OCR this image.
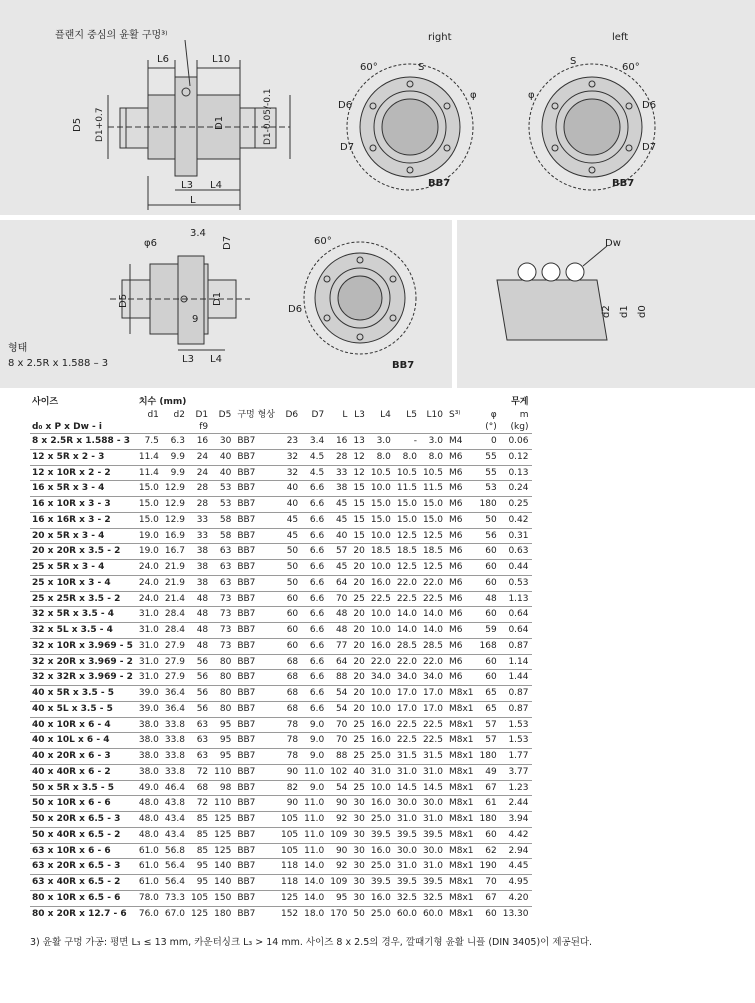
플랜지 중심의 윤활 구멍³⁾
L6	L10
D5 D1+0.7	D1	D1-0.05/-0.1
L3 L4
L
right
60°	S
φ
D6
D7
BB7
left
60°
S
φ
D6
D7
BB7
φ6
3.4
D7
D5	D1
9
L3 L4
형태
8 x 2.5R x 1.588 – 3
60°
D6
BB7
Dw
d2 d1 d0
사이즈	치수 (mm)														무게
	d1	d2	D1	D5	구멍 형상	D6	D7	L	L3	L4	L5	L10	S³⁾	φ	m
d₀ x P x Dw - i			f9											(°)	(kg)
8 x 2.5R x 1.588 - 3	7.5	6.3	16	30	BB7	23	3.4	16	13	3.0	-	3.0	M4	0	0.06
12 x 5R x 2 - 3	11.4	9.9	24	40	BB7	32	4.5	28	12	8.0	8.0	8.0	M6	55	0.12
12 x 10R x 2 - 2	11.4	9.9	24	40	BB7	32	4.5	33	12	10.5	10.5	10.5	M6	55	0.13
16 x 5R x 3 - 4	15.0	12.9	28	53	BB7	40	6.6	38	15	10.0	11.5	11.5	M6	53	0.24
16 x 10R x 3 - 3	15.0	12.9	28	53	BB7	40	6.6	45	15	15.0	15.0	15.0	M6	180	0.25
16 x 16R x 3 - 2	15.0	12.9	33	58	BB7	45	6.6	45	15	15.0	15.0	15.0	M6	50	0.42
20 x 5R x 3 - 4	19.0	16.9	33	58	BB7	45	6.6	40	15	10.0	12.5	12.5	M6	56	0.31
20 x 20R x 3.5 - 2	19.0	16.7	38	63	BB7	50	6.6	57	20	18.5	18.5	18.5	M6	60	0.63
25 x 5R x 3 - 4	24.0	21.9	38	63	BB7	50	6.6	45	20	10.0	12.5	12.5	M6	60	0.44
25 x 10R x 3 - 4	24.0	21.9	38	63	BB7	50	6.6	64	20	16.0	22.0	22.0	M6	60	0.53
25 x 25R x 3.5 - 2	24.0	21.4	48	73	BB7	60	6.6	70	25	22.5	22.5	22.5	M6	48	1.13
32 x 5R x 3.5 - 4	31.0	28.4	48	73	BB7	60	6.6	48	20	10.0	14.0	14.0	M6	60	0.64
32 x 5L x 3.5 - 4	31.0	28.4	48	73	BB7	60	6.6	48	20	10.0	14.0	14.0	M6	59	0.64
32 x 10R x 3.969 - 5	31.0	27.9	48	73	BB7	60	6.6	77	20	16.0	28.5	28.5	M6	168	0.87
32 x 20R x 3.969 - 2	31.0	27.9	56	80	BB7	68	6.6	64	20	22.0	22.0	22.0	M6	60	1.14
32 x 32R x 3.969 - 2	31.0	27.9	56	80	BB7	68	6.6	88	20	34.0	34.0	34.0	M6	60	1.44
40 x 5R x 3.5 - 5	39.0	36.4	56	80	BB7	68	6.6	54	20	10.0	17.0	17.0	M8x1	65	0.87
40 x 5L x 3.5 - 5	39.0	36.4	56	80	BB7	68	6.6	54	20	10.0	17.0	17.0	M8x1	65	0.87
40 x 10R x 6 - 4	38.0	33.8	63	95	BB7	78	9.0	70	25	16.0	22.5	22.5	M8x1	57	1.53
40 x 10L x 6 - 4	38.0	33.8	63	95	BB7	78	9.0	70	25	16.0	22.5	22.5	M8x1	57	1.53
40 x 20R x 6 - 3	38.0	33.8	63	95	BB7	78	9.0	88	25	25.0	31.5	31.5	M8x1	180	1.77
40 x 40R x 6 - 2	38.0	33.8	72	110	BB7	90	11.0	102	40	31.0	31.0	31.0	M8x1	49	3.77
50 x 5R x 3.5 - 5	49.0	46.4	68	98	BB7	82	9.0	54	25	10.0	14.5	14.5	M8x1	67	1.23
50 x 10R x 6 - 6	48.0	43.8	72	110	BB7	90	11.0	90	30	16.0	30.0	30.0	M8x1	61	2.44
50 x 20R x 6.5 - 3	48.0	43.4	85	125	BB7	105	11.0	92	30	25.0	31.0	31.0	M8x1	180	3.94
50 x 40R x 6.5 - 2	48.0	43.4	85	125	BB7	105	11.0	109	30	39.5	39.5	39.5	M8x1	60	4.42
63 x 10R x 6 - 6	61.0	56.8	85	125	BB7	105	11.0	90	30	16.0	30.0	30.0	M8x1	62	2.94
63 x 20R x 6.5 - 3	61.0	56.4	95	140	BB7	118	14.0	92	30	25.0	31.0	31.0	M8x1	190	4.45
63 x 40R x 6.5 - 2	61.0	56.4	95	140	BB7	118	14.0	109	30	39.5	39.5	39.5	M8x1	70	4.95
80 x 10R x 6.5 - 6	78.0	73.3	105	150	BB7	125	14.0	95	30	16.0	32.5	32.5	M8x1	67	4.20
80 x 20R x 12.7 - 6	76.0	67.0	125	180	BB7	152	18.0	170	50	25.0	60.0	60.0	M8x1	60	13.30
3) 윤활 구멍 가공: 평면 L₃ ≤ 13 mm, 카운터싱크 L₃ > 14 mm. 사이즈 8 x 2.5의 경우, 깔때기형 윤활 니플 (DIN 3405)이 제공된다.
